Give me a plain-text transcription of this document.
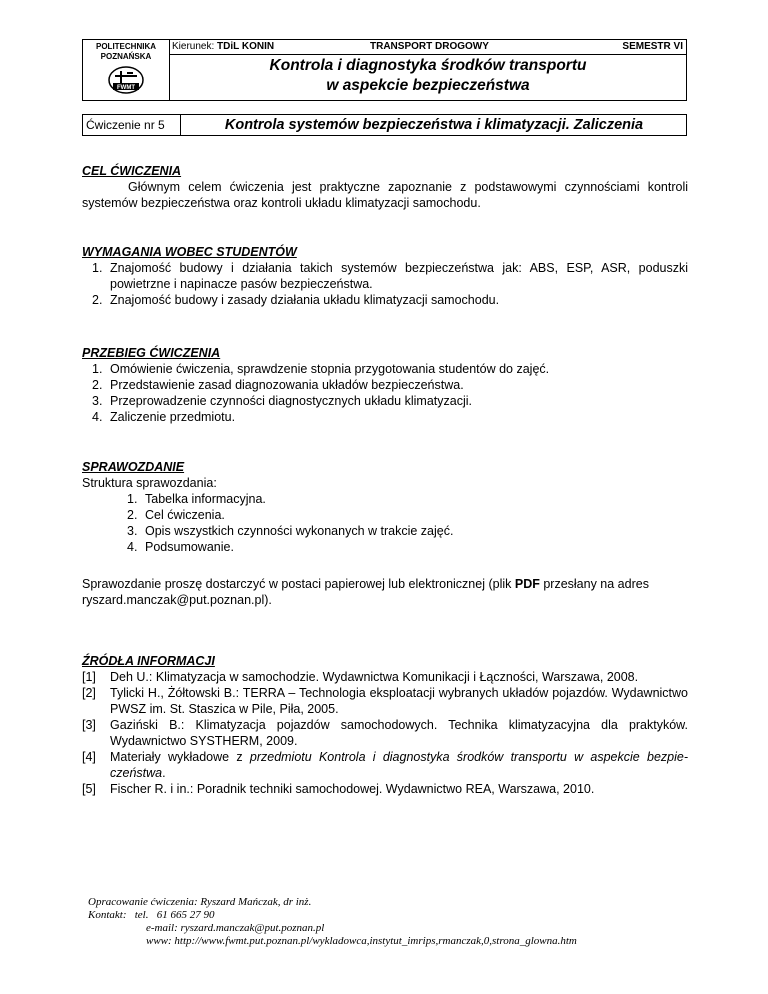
POLITECHNIKA
POZNAŃSKA
FWMT
Kierunek: TDiL KONIN	TRANSPORT DROGOWY	SEMESTR VI
Kontrola i diagnostyka środków transportu
w aspekcie bezpieczeństwa
Ćwiczenie nr 5	Kontrola systemów bezpieczeństwa i klimatyzacji. Zaliczenia
CEL ĆWICZENIA
Głównym celem ćwiczenia jest praktyczne zapoznanie z podstawowymi czynnościami kontroli systemów bezpieczeństwa oraz kontroli układu klimatyzacji samochodu.
WYMAGANIA WOBEC STUDENTÓW
1. Znajomość budowy i działania takich systemów bezpieczeństwa jak: ABS, ESP, ASR, poduszki powietrzne i napinacze pasów bezpieczeństwa.
2. Znajomość budowy i zasady działania układu klimatyzacji samochodu.
PRZEBIEG ĆWICZENIA
1. Omówienie ćwiczenia, sprawdzenie stopnia przygotowania studentów do zajęć.
2. Przedstawienie zasad diagnozowania układów bezpieczeństwa.
3. Przeprowadzenie czynności diagnostycznych układu klimatyzacji.
4. Zaliczenie przedmiotu.
SPRAWOZDANIE
Struktura sprawozdania:
1. Tabelka informacyjna.
2. Cel ćwiczenia.
3. Opis wszystkich czynności wykonanych w trakcie zajęć.
4. Podsumowanie.
Sprawozdanie proszę dostarczyć w postaci papierowej lub elektronicznej (plik PDF przesłany na adres ryszard.manczak@put.poznan.pl).
ŹRÓDŁA INFORMACJI
[1] Deh U.: Klimatyzacja w samochodzie. Wydawnictwa Komunikacji i Łączności, Warszawa, 2008.
[2] Tylicki H., Żółtowski B.: TERRA – Technologia eksploatacji wybranych układów pojazdów. Wydawnictwo PWSZ im. St. Staszica w Pile, Piła, 2005.
[3] Gaziński B.: Klimatyzacja pojazdów samochodowych. Technika klimatyzacyjna dla praktyków. Wydawnictwo SYSTHERM, 2009.
[4] Materiały wykładowe z przedmiotu Kontrola i diagnostyka środków transportu w aspekcie bezpie-czeństwa.
[5] Fischer R. i in.: Poradnik techniki samochodowej. Wydawnictwo REA, Warszawa, 2010.
Opracowanie ćwiczenia: Ryszard Mańczak, dr inż.
Kontakt:   tel.   61 665 27 90
e-mail: ryszard.manczak@put.poznan.pl
www: http://www.fwmt.put.poznan.pl/wykladowca,instytut_imrips,rmanczak,0,strona_glowna.htm
